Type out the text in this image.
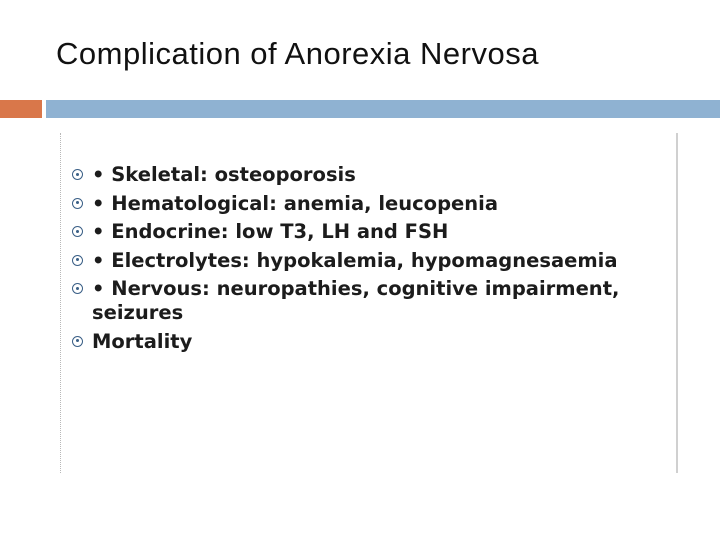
Complication of Anorexia Nervosa
• Skeletal: osteoporosis
• Hematological: anemia, leucopenia
• Endocrine: low T3, LH and FSH
• Electrolytes: hypokalemia, hypomagnesaemia
• Nervous: neuropathies, cognitive impairment, seizures
Mortality
